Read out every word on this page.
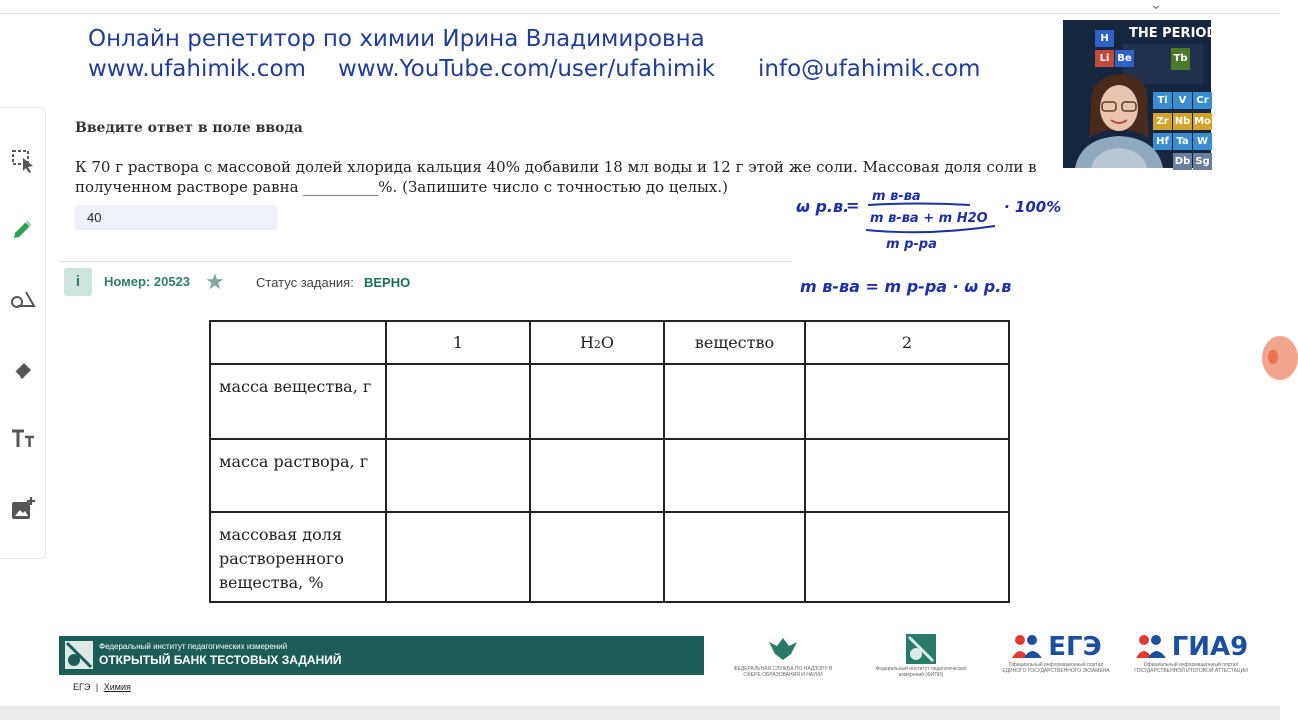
⌄
Онлайн репетитор по химии Ирина Владимировна
www.ufahimik.com www.YouTube.com/user/ufahimik info@ufahimik.com
THE PERIODI
H
Li Be	Tb
Ti	V Cr
Zr Nb Mo
Hf Ta W
Db Sg
Введите ответ в поле ввода
К 70 г раствора с массовой долей хлорида кальция 40% добавили 18 мл воды и 12 г этой же соли. Массовая доля соли в
полученном растворе равна __________%. (Запишите число с точностью до целых.)
40
i	Номер: 20523 ★ Статус задания: ВЕРНО
ω р.в.
= m в-ва
m в-ва + m H2O
m р-ра
· 100%
m в-ва = m р-ра · ω р.в
	1	H2O	вещество	2
масса вещества, г				
масса раствора, г				

массовая доля
растворенного
вещества, %				

Федеральный институт педагогических измерений
ОТКРЫТЫЙ БАНК ТЕСТОВЫХ ЗАДАНИЙ
ЕГЭ | Химия
ФЕДЕРАЛЬНАЯ СЛУЖБА ПО НАДЗОРУ В СФЕРЕ ОБРАЗОВАНИЯ И НАУКИ
Федеральный институт педагогических измерений (ФИПИ)
ЕГЭ
Официальный информационный портал ЕДИНОГО ГОСУДАРСТВЕННОГО ЭКЗАМЕНА
ГИА9
Официальный информационный портал ГОСУДАРСТВЕННОЙ ИТОГОВОЙ АТТЕСТАЦИИ
